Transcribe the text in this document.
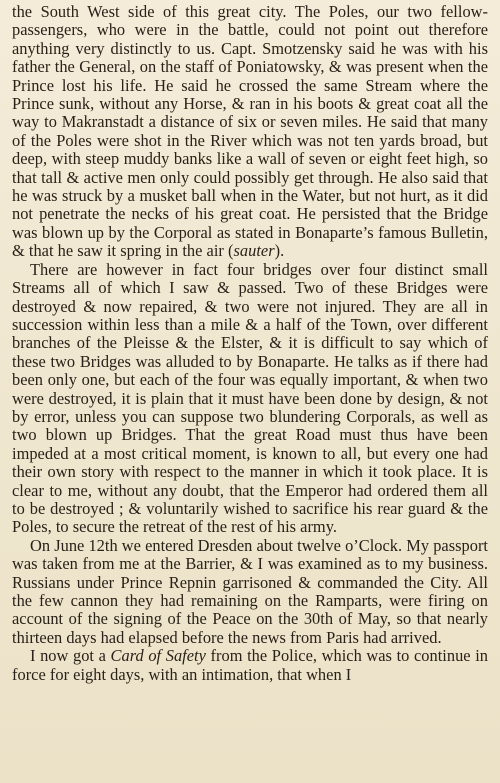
the South West side of this great city. The Poles, our two fellow-passengers, who were in the battle, could not point out therefore anything very distinctly to us. Capt. Smotzensky said he was with his father the General, on the staff of Poniatowsky, & was present when the Prince lost his life. He said he crossed the same Stream where the Prince sunk, without any Horse, & ran in his boots & great coat all the way to Makranstadt a distance of six or seven miles. He said that many of the Poles were shot in the River which was not ten yards broad, but deep, with steep muddy banks like a wall of seven or eight feet high, so that tall & active men only could possibly get through. He also said that he was struck by a musket ball when in the Water, but not hurt, as it did not penetrate the necks of his great coat. He persisted that the Bridge was blown up by the Corporal as stated in Bonaparte’s famous Bulletin, & that he saw it spring in the air (sauter).

There are however in fact four bridges over four distinct small Streams all of which I saw & passed. Two of these Bridges were destroyed & now repaired, & two were not injured. They are all in succession within less than a mile & a half of the Town, over different branches of the Pleisse & the Elster, & it is difficult to say which of these two Bridges was alluded to by Bonaparte. He talks as if there had been only one, but each of the four was equally important, & when two were destroyed, it is plain that it must have been done by design, & not by error, unless you can suppose two blundering Corporals, as well as two blown up Bridges. That the great Road must thus have been impeded at a most critical moment, is known to all, but every one had their own story with respect to the manner in which it took place. It is clear to me, without any doubt, that the Emperor had ordered them all to be destroyed ; & voluntarily wished to sacrifice his rear guard & the Poles, to secure the retreat of the rest of his army.

On June 12th we entered Dresden about twelve o’Clock. My passport was taken from me at the Barrier, & I was examined as to my business. Russians under Prince Repnin garrisoned & commanded the City. All the few cannon they had remaining on the Ramparts, were firing on account of the signing of the Peace on the 30th of May, so that nearly thirteen days had elapsed before the news from Paris had arrived.

I now got a Card of Safety from the Police, which was to continue in force for eight days, with an intimation, that when I
